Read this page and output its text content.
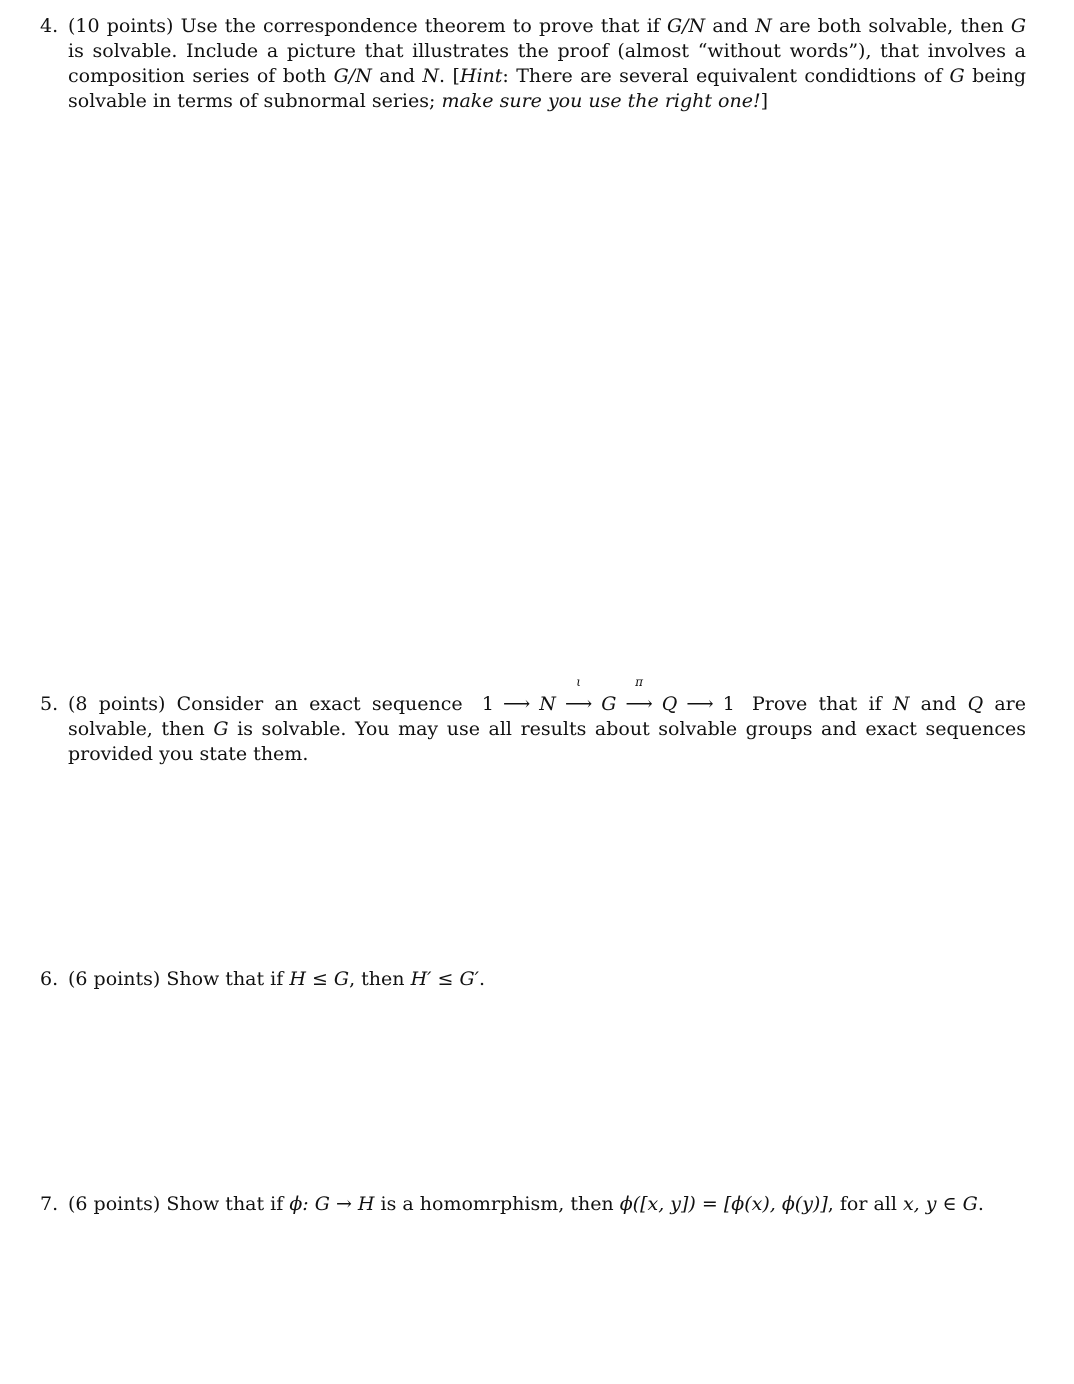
4. (10 points) Use the correspondence theorem to prove that if G/N and N are both solvable, then G is solvable. Include a picture that illustrates the proof (almost “without words”), that involves a composition series of both G/N and N. [Hint: There are several equivalent condidtions of G being solvable in terms of subnormal series; make sure you use the right one!]
5. (8 points) Consider an exact sequence 1 ⟶ N
ι
⟶ G
π
⟶ Q ⟶ 1 Prove that if N and Q are solvable, then G is solvable. You may use all results about solvable groups and exact sequences provided you state them.
6. (6 points) Show that if H ≤ G, then H′ ≤ G′.
7. (6 points) Show that if ϕ: G → H is a homomrphism, then ϕ([x, y]) = [ϕ(x), ϕ(y)], for all x, y ∈ G.
